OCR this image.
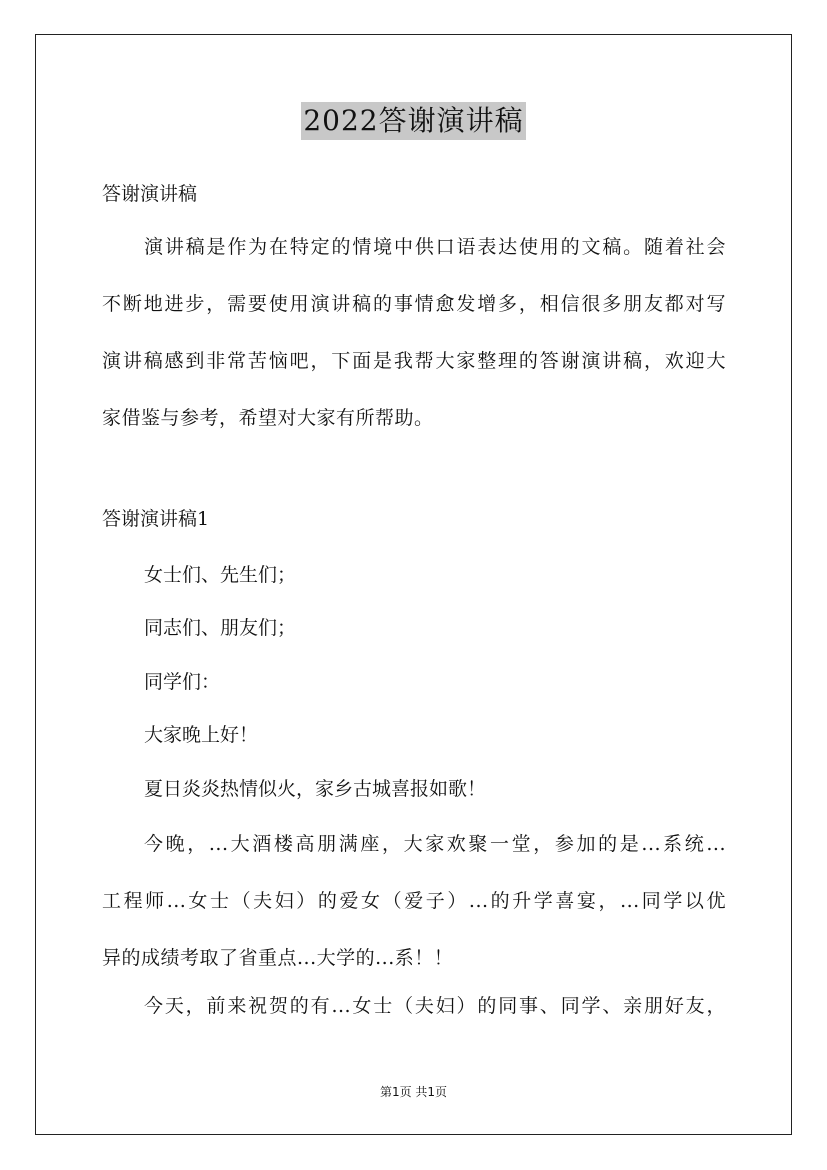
2022答谢演讲稿
答谢演讲稿
演讲稿是作为在特定的情境中供口语表达使用的文稿。随着社会
不断地进步，需要使用演讲稿的事情愈发增多，相信很多朋友都对写
演讲稿感到非常苦恼吧，下面是我帮大家整理的答谢演讲稿，欢迎大
家借鉴与参考，希望对大家有所帮助。
答谢演讲稿1
女士们、先生们；
同志们、朋友们；
同学们：
大家晚上好！
夏日炎炎热情似火，家乡古城喜报如歌！
今晚，...大酒楼高朋满座，大家欢聚一堂，参加的是...系统...
工程师...女士（夫妇）的爱女（爱子）...的升学喜宴，...同学以优
异的成绩考取了省重点...大学的...系！！
今天，前来祝贺的有...女士（夫妇）的同事、同学、亲朋好友，
第1页 共1页
